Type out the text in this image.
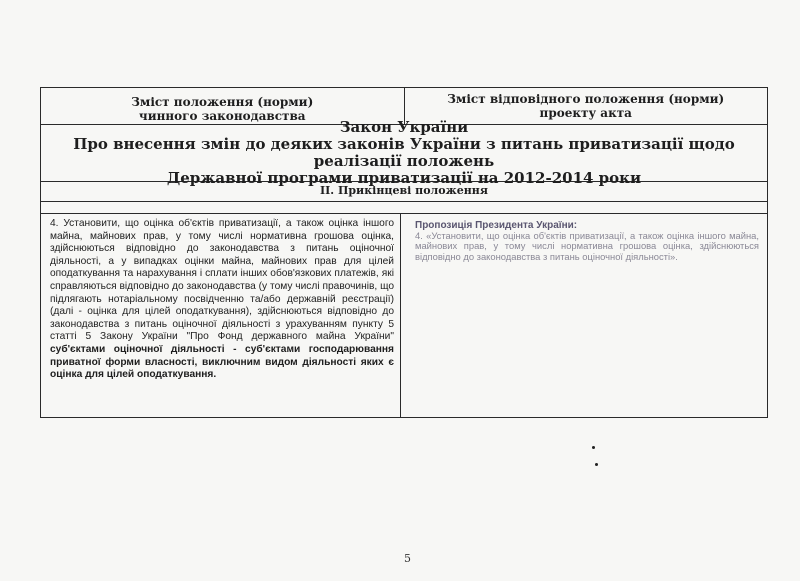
Зміст положення (норми)
чинного законодавства
Зміст відповідного положення (норми)
проекту акта
Закон України
Про внесення змін до деяких законів України з питань приватизації щодо реалізації положень
Державної програми приватизації на 2012-2014 роки
II. Прикінцеві положення
4. Установити, що оцінка об'єктів приватизації, а також оцінка іншого майна, майнових прав, у тому числі нормативна грошова оцінка, здійснюються відповідно до законодавства з питань оціночної діяльності, а у випадках оцінки майна, майнових прав для цілей оподаткування та нарахування і сплати інших обов'язкових платежів, які справляються відповідно до законодавства (у тому числі правочинів, що підлягають нотаріальному посвідченню та/або державній реєстрації) (далі - оцінка для цілей оподаткування), здійснюються відповідно до законодавства з питань оціночної діяльності з урахуванням пункту 5 статті 5 Закону України "Про Фонд державного майна України" суб'єктами оціночної діяльності - суб'єктами господарювання приватної форми власності, виключним видом діяльності яких є оцінка для цілей оподаткування.
Пропозиція Президента України:
4. «Установити, що оцінка об'єктів приватизації, а також оцінка іншого майна, майнових прав, у тому числі нормативна грошова оцінка, здійснюються відповідно до законодавства з питань оціночної діяльності».
5
